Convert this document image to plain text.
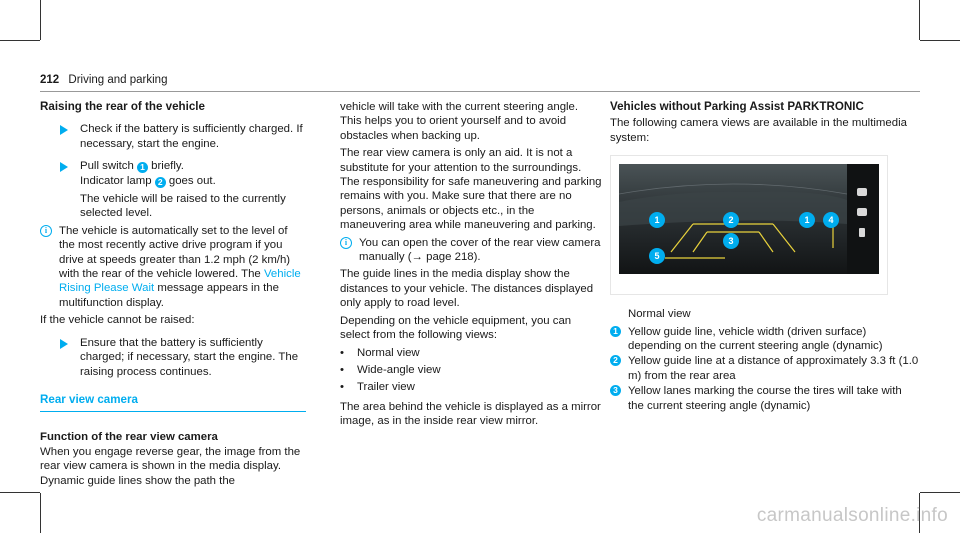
212 Driving and parking
Raising the rear of the vehicle
Check if the battery is sufficiently charged. If necessary, start the engine.
Pull switch 1 briefly.
Indicator lamp 2 goes out.

The vehicle will be raised to the currently selected level.

i	The vehicle is automatically set to the level of the most recently active drive program if you drive at speeds greater than 1.2 mph (2 km/h) with the rear of the vehicle lowered. The Vehicle Rising Please Wait message appears in the multifunction display.

If the vehicle cannot be raised:

Ensure that the battery is sufficiently charged; if necessary, start the engine. The raising process continues.
Rear view camera
Function of the rear view camera

When you engage reverse gear, the image from the rear view camera is shown in the media display. Dynamic guide lines show the path the

vehicle will take with the current steering angle. This helps you to orient yourself and to avoid obstacles when backing up.

The rear view camera is only an aid. It is not a substitute for your attention to the surroundings. The responsibility for safe maneuvering and parking remains with you. Make sure that there are no persons, animals or objects etc., in the maneuvering area while maneuvering and parking.

i	You can open the cover of the rear view camera manually (→ page 218).

The guide lines in the media display show the distances to your vehicle. The distances displayed only apply to road level.

Depending on the vehicle equipment, you can select from the following views:

• Normal view
• Wide-angle view
• Trailer view

The area behind the vehicle is displayed as a mirror image, as in the inside rear view mirror.

Vehicles without Parking Assist PARKTRONIC

The following camera views are available in the multimedia system:

1	2	1 4
3
5
Normal view
1 Yellow guide line, vehicle width (driven surface) depending on the current steering angle (dynamic)
2 Yellow guide line at a distance of approximately 3.3 ft (1.0 m) from the rear area
3 Yellow lanes marking the course the tires will take with the current steering angle (dynamic)
carmanualsonline.info
